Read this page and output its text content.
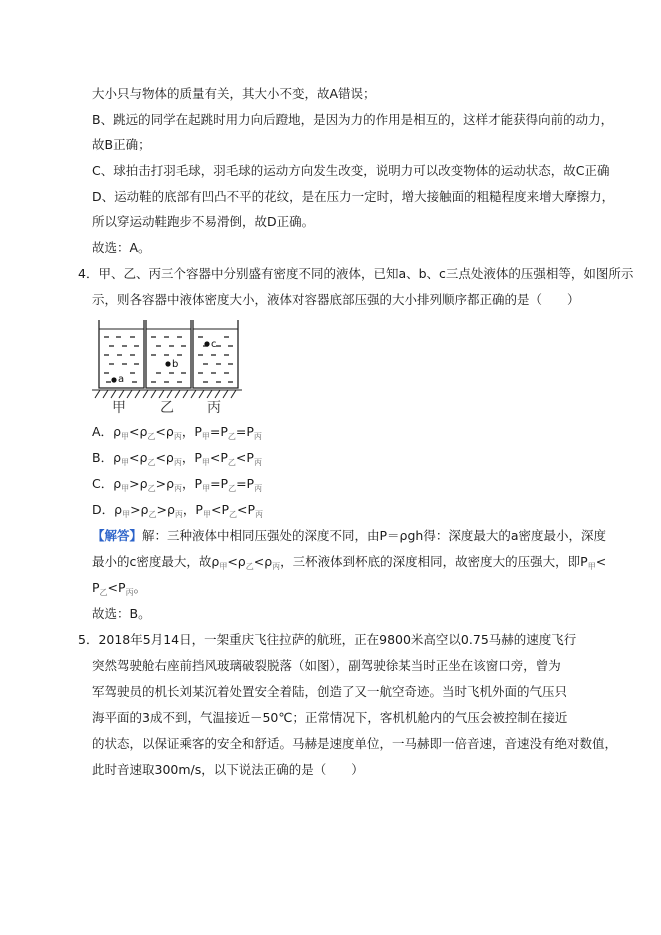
大小只与物体的质量有关，其大小不变，故A错误；
B、跳远的同学在起跳时用力向后蹬地，是因为力的作用是相互的，这样才能获得向前的动力，
故B正确；
C、球拍击打羽毛球，羽毛球的运动方向发生改变，说明力可以改变物体的运动状态，故C正确
D、运动鞋的底部有凹凸不平的花纹，是在压力一定时，增大接触面的粗糙程度来增大摩擦力，
所以穿运动鞋跑步不易滑倒，故D正确。
故选：A。
4．甲、乙、丙三个容器中分别盛有密度不同的液体，已知a、b、c三点处液体的压强相等，如图所示
示，则各容器中液体密度大小，液体对容器底部压强的大小排列顺序都正确的是（　　）
a
b
c
甲 乙 丙
A．$\rho_甲<\rho_乙<\rho_丙$，$P_甲=P_乙=P_丙$
B．$\rho_甲<\rho_乙<\rho_丙$，$P_甲<P_乙<P_丙$
C．$\rho_甲>\rho_乙>\rho_丙$，$P_甲=P_乙=P_丙$
D．$\rho_甲>\rho_乙>\rho_丙$，$P_甲<P_乙<P_丙$
【解答】解：三种液体中相同压强处的深度不同，由P＝ρgh得：深度最大的a密度最小，深度
最小的c密度最大，故$\rho_甲<\rho_乙<\rho_丙$，三杯液体到杯底的深度相同，故密度大的压强大，即$P_甲<$
$P_乙<P_丙$。
故选：B。
5．2018年5月14日，一架重庆飞往拉萨的航班，正在9800米高空以0.75马赫的速度飞行
突然驾驶舱右座前挡风玻璃破裂脱落（如图），副驾驶徐某当时正坐在该窗口旁，曾为
军驾驶员的机长刘某沉着处置安全着陆，创造了又一航空奇迹。当时飞机外面的气压只
海平面的3成不到，气温接近－50℃；正常情况下，客机机舱内的气压会被控制在接近
的状态，以保证乘客的安全和舒适。马赫是速度单位，一马赫即一倍音速，音速没有绝对数值，
此时音速取300m/s，以下说法正确的是（　　）
